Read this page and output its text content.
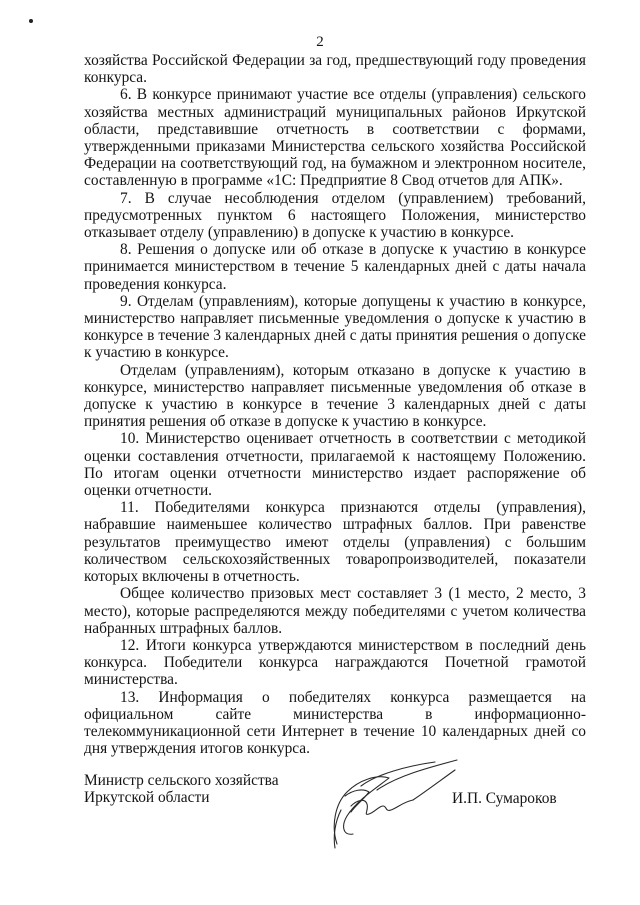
2

хозяйства Российской Федерации за год, предшествующий году проведения конкурса.

6. В конкурсе принимают участие все отделы (управления) сельского хозяйства местных администраций муниципальных районов Иркутской области, представившие отчетность в соответствии с формами, утвержденными приказами Министерства сельского хозяйства Российской Федерации на соответствующий год, на бумажном и электронном носителе, составленную в программе «1С: Предприятие 8 Свод отчетов для АПК».

7. В случае несоблюдения отделом (управлением) требований, предусмотренных пунктом 6 настоящего Положения, министерство отказывает отделу (управлению) в допуске к участию в конкурсе.

8. Решения о допуске или об отказе в допуске к участию в конкурсе принимается министерством в течение 5 календарных дней с даты начала проведения конкурса.

9. Отделам (управлениям), которые допущены к участию в конкурсе, министерство направляет письменные уведомления о допуске к участию в конкурсе в течение 3 календарных дней с даты принятия решения о допуске к участию в конкурсе.

Отделам (управлениям), которым отказано в допуске к участию в конкурсе, министерство направляет письменные уведомления об отказе в допуске к участию в конкурсе в течение 3 календарных дней с даты принятия решения об отказе в допуске к участию в конкурсе.

10. Министерство оценивает отчетность в соответствии с методикой оценки составления отчетности, прилагаемой к настоящему Положению. По итогам оценки отчетности министерство издает распоряжение об оценки отчетности.

11. Победителями конкурса признаются отделы (управления), набравшие наименьшее количество штрафных баллов. При равенстве результатов преимущество имеют отделы (управления) с большим количеством сельскохозяйственных товаропроизводителей, показатели которых включены в отчетность.

Общее количество призовых мест составляет 3 (1 место, 2 место, 3 место), которые распределяются между победителями с учетом количества набранных штрафных баллов.

12. Итоги конкурса утверждаются министерством в последний день конкурса. Победители конкурса награждаются Почетной грамотой министерства.

13. Информация о победителях конкурса размещается на официальном сайте министерства в информационно-телекоммуникационной сети Интернет в течение 10 календарных дней со дня утверждения итогов конкурса.

Министр сельского хозяйства
Иркутской области	И.П. Сумароков
